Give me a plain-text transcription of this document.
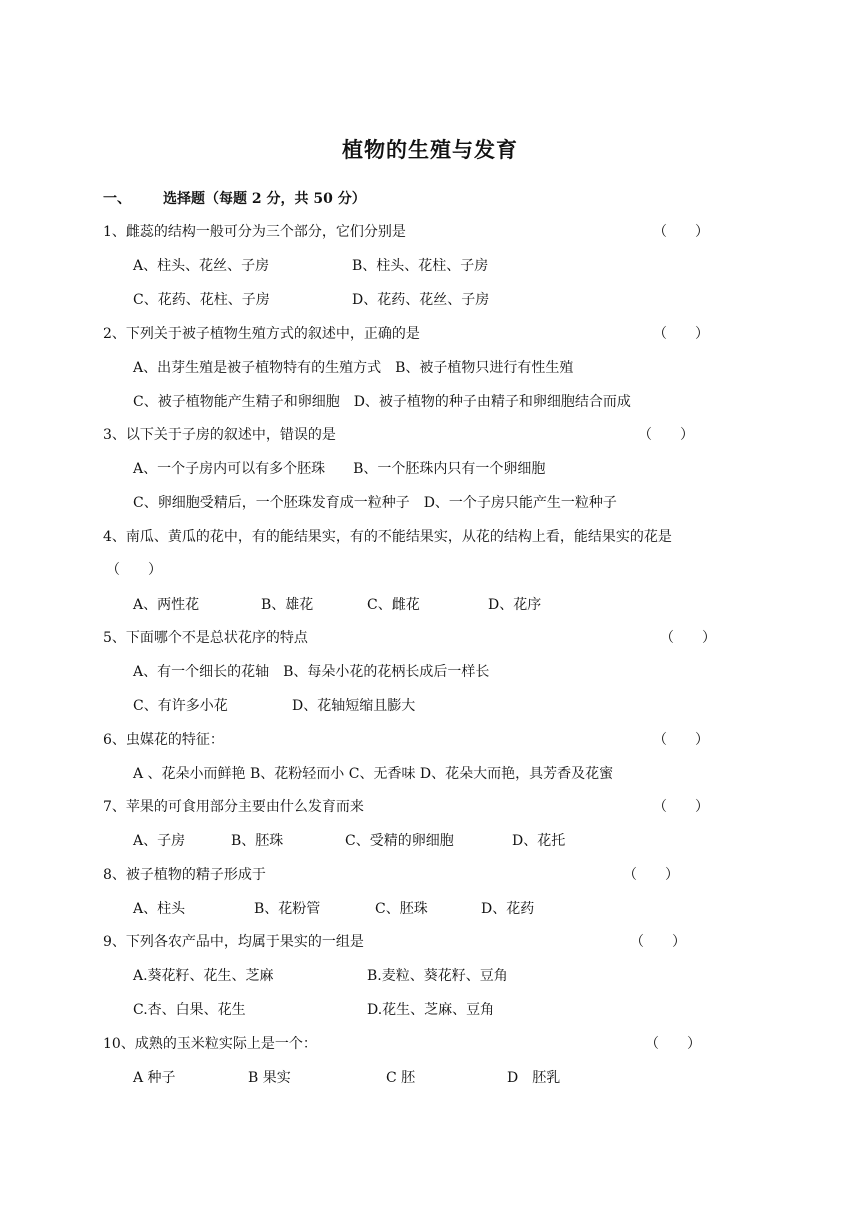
植物的生殖与发育
一、 选择题（每题 2 分，共 50 分）
1、雌蕊的结构一般可分为三个部分，它们分别是	（　　）
A、柱头、花丝、子房	B、柱头、花柱、子房
C、花药、花柱、子房	D、花药、花丝、子房
2、下列关于被子植物生殖方式的叙述中，正确的是	（　　）
A、出芽生殖是被子植物特有的生殖方式　B、被子植物只进行有性生殖
C、被子植物能产生精子和卵细胞　D、被子植物的种子由精子和卵细胞结合而成
3、以下关于子房的叙述中，错误的是	（　　）
A、一个子房内可以有多个胚珠　　B、一个胚珠内只有一个卵细胞
C、卵细胞受精后，一个胚珠发育成一粒种子　D、一个子房只能产生一粒种子
4、南瓜、黄瓜的花中，有的能结果实，有的不能结果实，从花的结构上看，能结果实的花是
（　　）
A、两性花	B、雄花	C、雌花	D、花序
5、下面哪个不是总状花序的特点	（　　）
A、有一个细长的花轴　B、每朵小花的花柄长成后一样长
C、有许多小花	D、花轴短缩且膨大
6、虫媒花的特征：	（　　）
A 、花朵小而鲜艳 B、花粉轻而小 C、无香味 D、花朵大而艳，具芳香及花蜜
7、苹果的可食用部分主要由什么发育而来	（　　）
A、子房	B、胚珠	C、受精的卵细胞	D、花托
8、被子植物的精子形成于	（　　）
A、柱头	B、花粉管	C、胚珠	D、花药
9、下列各农产品中，均属于果实的一组是	（　　）
A.葵花籽、花生、芝麻	B.麦粒、葵花籽、豆角
C.杏、白果、花生	D.花生、芝麻、豆角
10、成熟的玉米粒实际上是一个：	（　　）
A 种子	B 果实	C 胚	D　胚乳
